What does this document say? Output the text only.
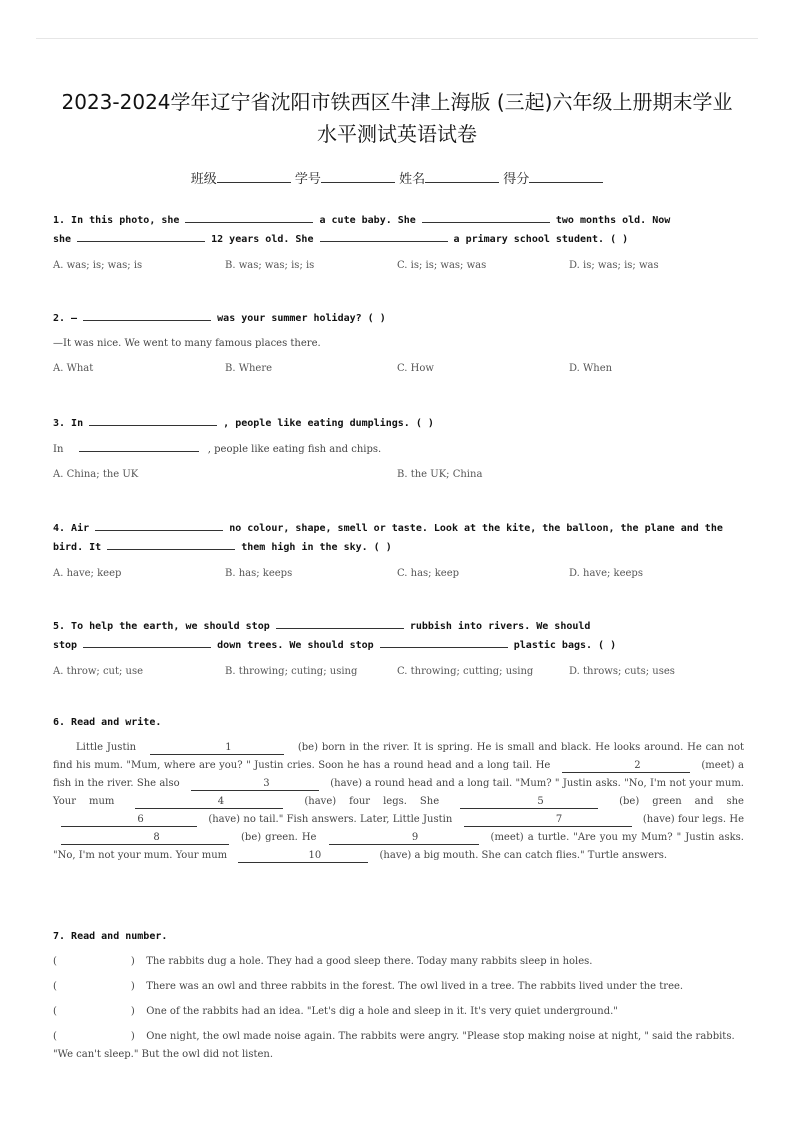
2023-2024学年辽宁省沈阳市铁西区牛津上海版 (三起)六年级上册期末学业
水平测试英语试卷
班级	学号	姓名	得分
1. In this photo, she	a cute baby. She	two months old. Now
she	12 years old. She	a primary school student. ( )
A. was; is; was; is	B. was; was; is; is	C. is; is; was; was	D. is; was; is; was
2. —	was your summer holiday? ( )
—It was nice. We went to many famous places there.
A. What	B. Where	C. How	D. When
3. In	, people like eating dumplings. ( )
In	, people like eating fish and chips.
A. China; the UK	B. the UK; China
4. Air	no colour, shape, smell or taste. Look at the kite, the balloon, the plane and the
bird. It	them high in the sky. ( )
A. have; keep	B. has; keeps	C. has; keep	D. have; keeps
5. To help the earth, we should stop	rubbish into rivers. We should
stop	down trees. We should stop	plastic bags. ( )
A. throw; cut; use	B. throwing; cuting; using	C. throwing; cutting; using	D. throws; cuts; uses
6. Read and write.
Little Justin	1	(be) born in the river. It is spring. He is small and black. He looks around. He can not find his mum. "Mum, where are you? " Justin cries. Soon he has a round head and a long tail. He	2	(meet) a fish in the river. She also	3	(have) a round head and a long tail. "Mum? " Justin asks. "No, I'm not your mum. Your mum	4	(have) four legs. She	5	(be) green and she 6	(have) no tail." Fish answers. Later, Little Justin	7	(have) four legs. He 8	(be) green. He	9	(meet) a turtle. "Are you my Mum? " Justin asks. "No, I'm not your mum. Your mum	10	(have) a big mouth. She can catch flies." Turtle answers.
7. Read and number.
(	) The rabbits dug a hole. They had a good sleep there. Today many rabbits sleep in holes.
(	) There was an owl and three rabbits in the forest. The owl lived in a tree. The rabbits lived under the tree.
(	) One of the rabbits had an idea. "Let's dig a hole and sleep in it. It's very quiet underground."
(	) One night, the owl made noise again. The rabbits were angry. "Please stop making noise at night, " said the rabbits. "We can't sleep." But the owl did not listen.
